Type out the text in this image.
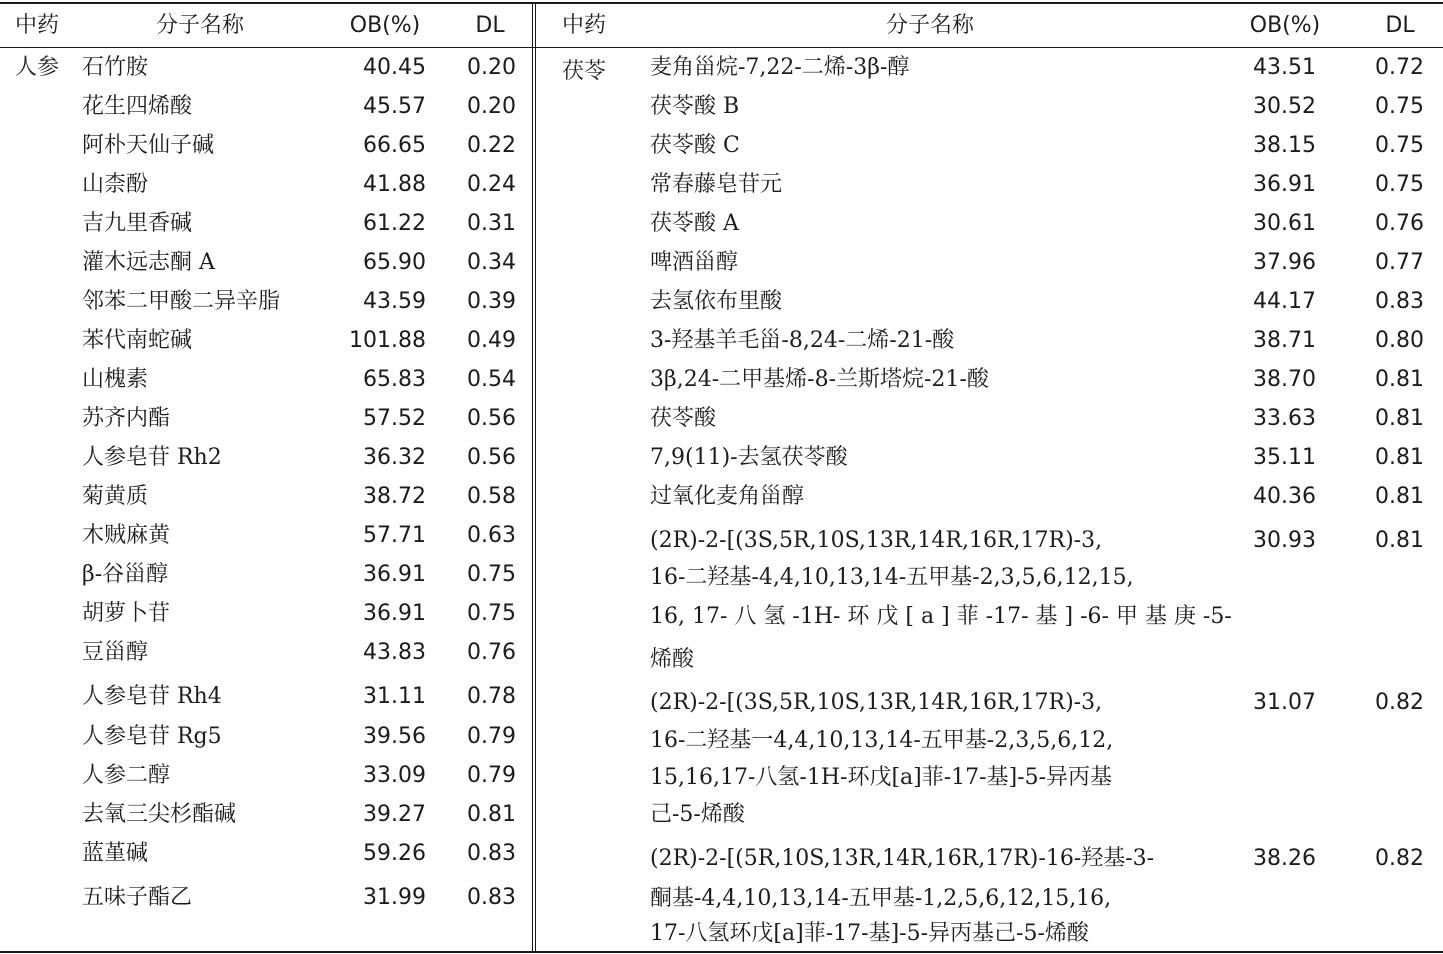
中药	分子名称	OB(%)	DL	中药	分子名称	OB(%)	DL
人参 石竹胺	40.45	0.20
花生四烯酸	45.57	0.20
阿朴天仙子碱	66.65	0.22
山柰酚	41.88	0.24
吉九里香碱	61.22	0.31
灌木远志酮 A	65.90	0.34
邻苯二甲酸二异辛脂	43.59	0.39
苯代南蛇碱	101.88	0.49
山槐素	65.83	0.54
苏齐内酯	57.52	0.56
人参皂苷 Rh2	36.32	0.56
菊黄质	38.72	0.58
木贼麻黄	57.71	0.63
β-谷甾醇	36.91	0.75
胡萝卜苷	36.91	0.75
豆甾醇	43.83	0.76
人参皂苷 Rh4	31.11	0.78
人参皂苷 Rg5	39.56	0.79
人参二醇	33.09	0.79
去氧三尖杉酯碱	39.27	0.81
蓝堇碱	59.26	0.83
五味子酯乙	31.99	0.83
茯苓 麦角甾烷-7,22-二烯-3β-醇	43.51	0.72
茯苓酸 B	30.52	0.75
茯苓酸 C	38.15	0.75
常春藤皂苷元	36.91	0.75
茯苓酸 A	30.61	0.76
啤酒甾醇	37.96	0.77
去氢依布里酸	44.17	0.83
3-羟基羊毛甾-8,24-二烯-21-酸	38.71	0.80
3β,24-二甲基烯-8-兰斯塔烷-21-酸	38.70	0.81
茯苓酸	33.63	0.81
7,9(11)-去氢茯苓酸	35.11	0.81
过氧化麦角甾醇	40.36	0.81
(2R)-2-[(3S,5R,10S,13R,14R,16R,17R)-3,
16-二羟基-4,4,10,13,14-五甲基-2,3,5,6,12,15,
16, 17- 八 氢 -1H- 环 戊 [ a ] 菲 -17- 基 ] -6- 甲 基 庚 -5-
烯酸
30.93	0.81
(2R)-2-[(3S,5R,10S,13R,14R,16R,17R)-3,
16-二羟基一4,4,10,13,14-五甲基-2,3,5,6,12,
15,16,17-八氢-1H-环戊[a]菲-17-基]-5-异丙基
己-5-烯酸
31.07	0.82
(2R)-2-[(5R,10S,13R,14R,16R,17R)-16-羟基-3-
酮基-4,4,10,13,14-五甲基-1,2,5,6,12,15,16,
17-八氢环戊[a]菲-17-基]-5-异丙基己-5-烯酸
38.26	0.82
